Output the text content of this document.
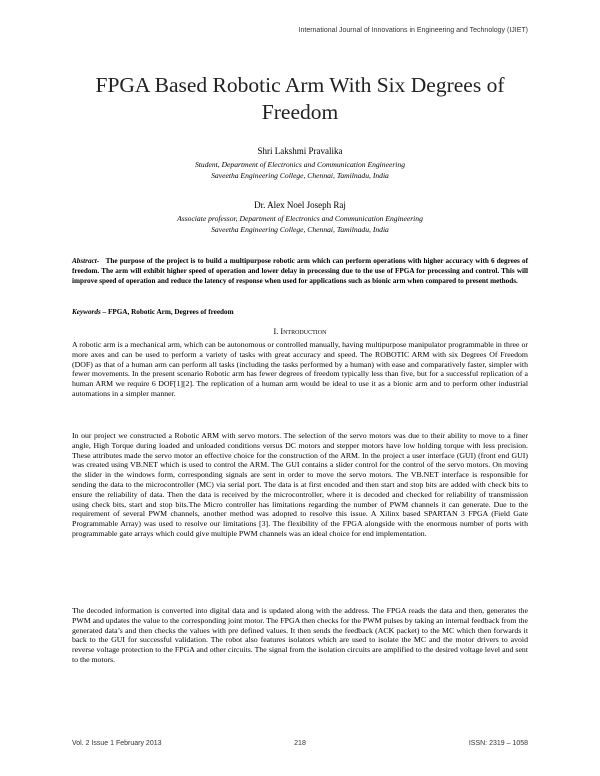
International Journal of Innovations in Engineering and Technology (IJIET)
FPGA Based Robotic Arm With Six Degrees of Freedom
Shri Lakshmi Pravalika
Student, Department of Electronics and Communication Engineering
Saveetha Engineering College, Chennai, Tamilnadu, India
Dr. Alex Noel Joseph Raj
Associate professor, Department of Electronics and Communication Engineering
Saveetha Engineering College, Chennai, Tamilnadu, India
Abstract- The purpose of the project is to build a multipurpose robotic arm which can perform operations with higher accuracy with 6 degrees of freedom. The arm will exhibit higher speed of operation and lower delay in processing due to the use of FPGA for processing and control. This will improve speed of operation and reduce the latency of response when used for applications such as bionic arm when compared to present methods.
Keywords – FPGA, Robotic Arm, Degrees of freedom
I. Introduction
A robotic arm is a mechanical arm, which can be autonomous or controlled manually, having multipurpose manipulator programmable in three or more axes and can be used to perform a variety of tasks with great accuracy and speed. The ROBOTIC ARM with six Degrees Of Freedom (DOF) as that of a human arm can perform all tasks (including the tasks performed by a human) with ease and comparatively faster, simpler with fewer movements. In the present scenario Robotic arm has fewer degrees of freedom typically less than five, but for a successful replication of a human ARM we require 6 DOF[1][2]. The replication of a human arm would be ideal to use it as a bionic arm and to perform other industrial automations in a simpler manner.
In our project we constructed a Robotic ARM with servo motors. The selection of the servo motors was due to their ability to move to a finer angle, High Torque during loaded and unloaded conditions versus DC motors and stepper motors have low holding torque with less precision. These attributes made the servo motor an effective choice for the construction of the ARM. In the project a user interface (GUI) (front end GUI) was created using VB.NET which is used to control the ARM. The GUI contains a slider control for the control of the servo motors. On moving the slider in the windows form, corresponding signals are sent in order to move the servo motors. The VB.NET interface is responsible for sending the data to the microcontroller (MC) via serial port. The data is at first encoded and then start and stop bits are added with check bits to ensure the reliability of data. Then the data is received by the microcontroller, where it is decoded and checked for reliability of transmission using check bits, start and stop bits.The Micro controller has limitations regarding the number of PWM channels it can generate. Due to the requirement of several PWM channels, another method was adopted to resolve this issue. A Xilinx based SPARTAN 3 FPGA (Field Gate Programmable Array) was used to resolve our limitations [3]. The flexibility of the FPGA alongside with the enormous number of ports with programmable gate arrays which could give multiple PWM channels was an ideal choice for end implementation.
The decoded information is converted into digital data and is updated along with the address. The FPGA reads the data and then, generates the PWM and updates the value to the corresponding joint motor. The FPGA then checks for the PWM pulses by taking an internal feedback from the generated data’s and then checks the values with pre defined values. It then sends the feedback (ACK packet) to the MC which then forwards it back to the GUI for successful validation. The robot also features isolators which are used to isolate the MC and the motor drivers to avoid reverse voltage protection to the FPGA and other circuits. The signal from the isolation circuits are amplified to the desired voltage level and sent to the motors.
Vol. 2 Issue 1 February 2013	218	ISSN: 2319 – 1058
